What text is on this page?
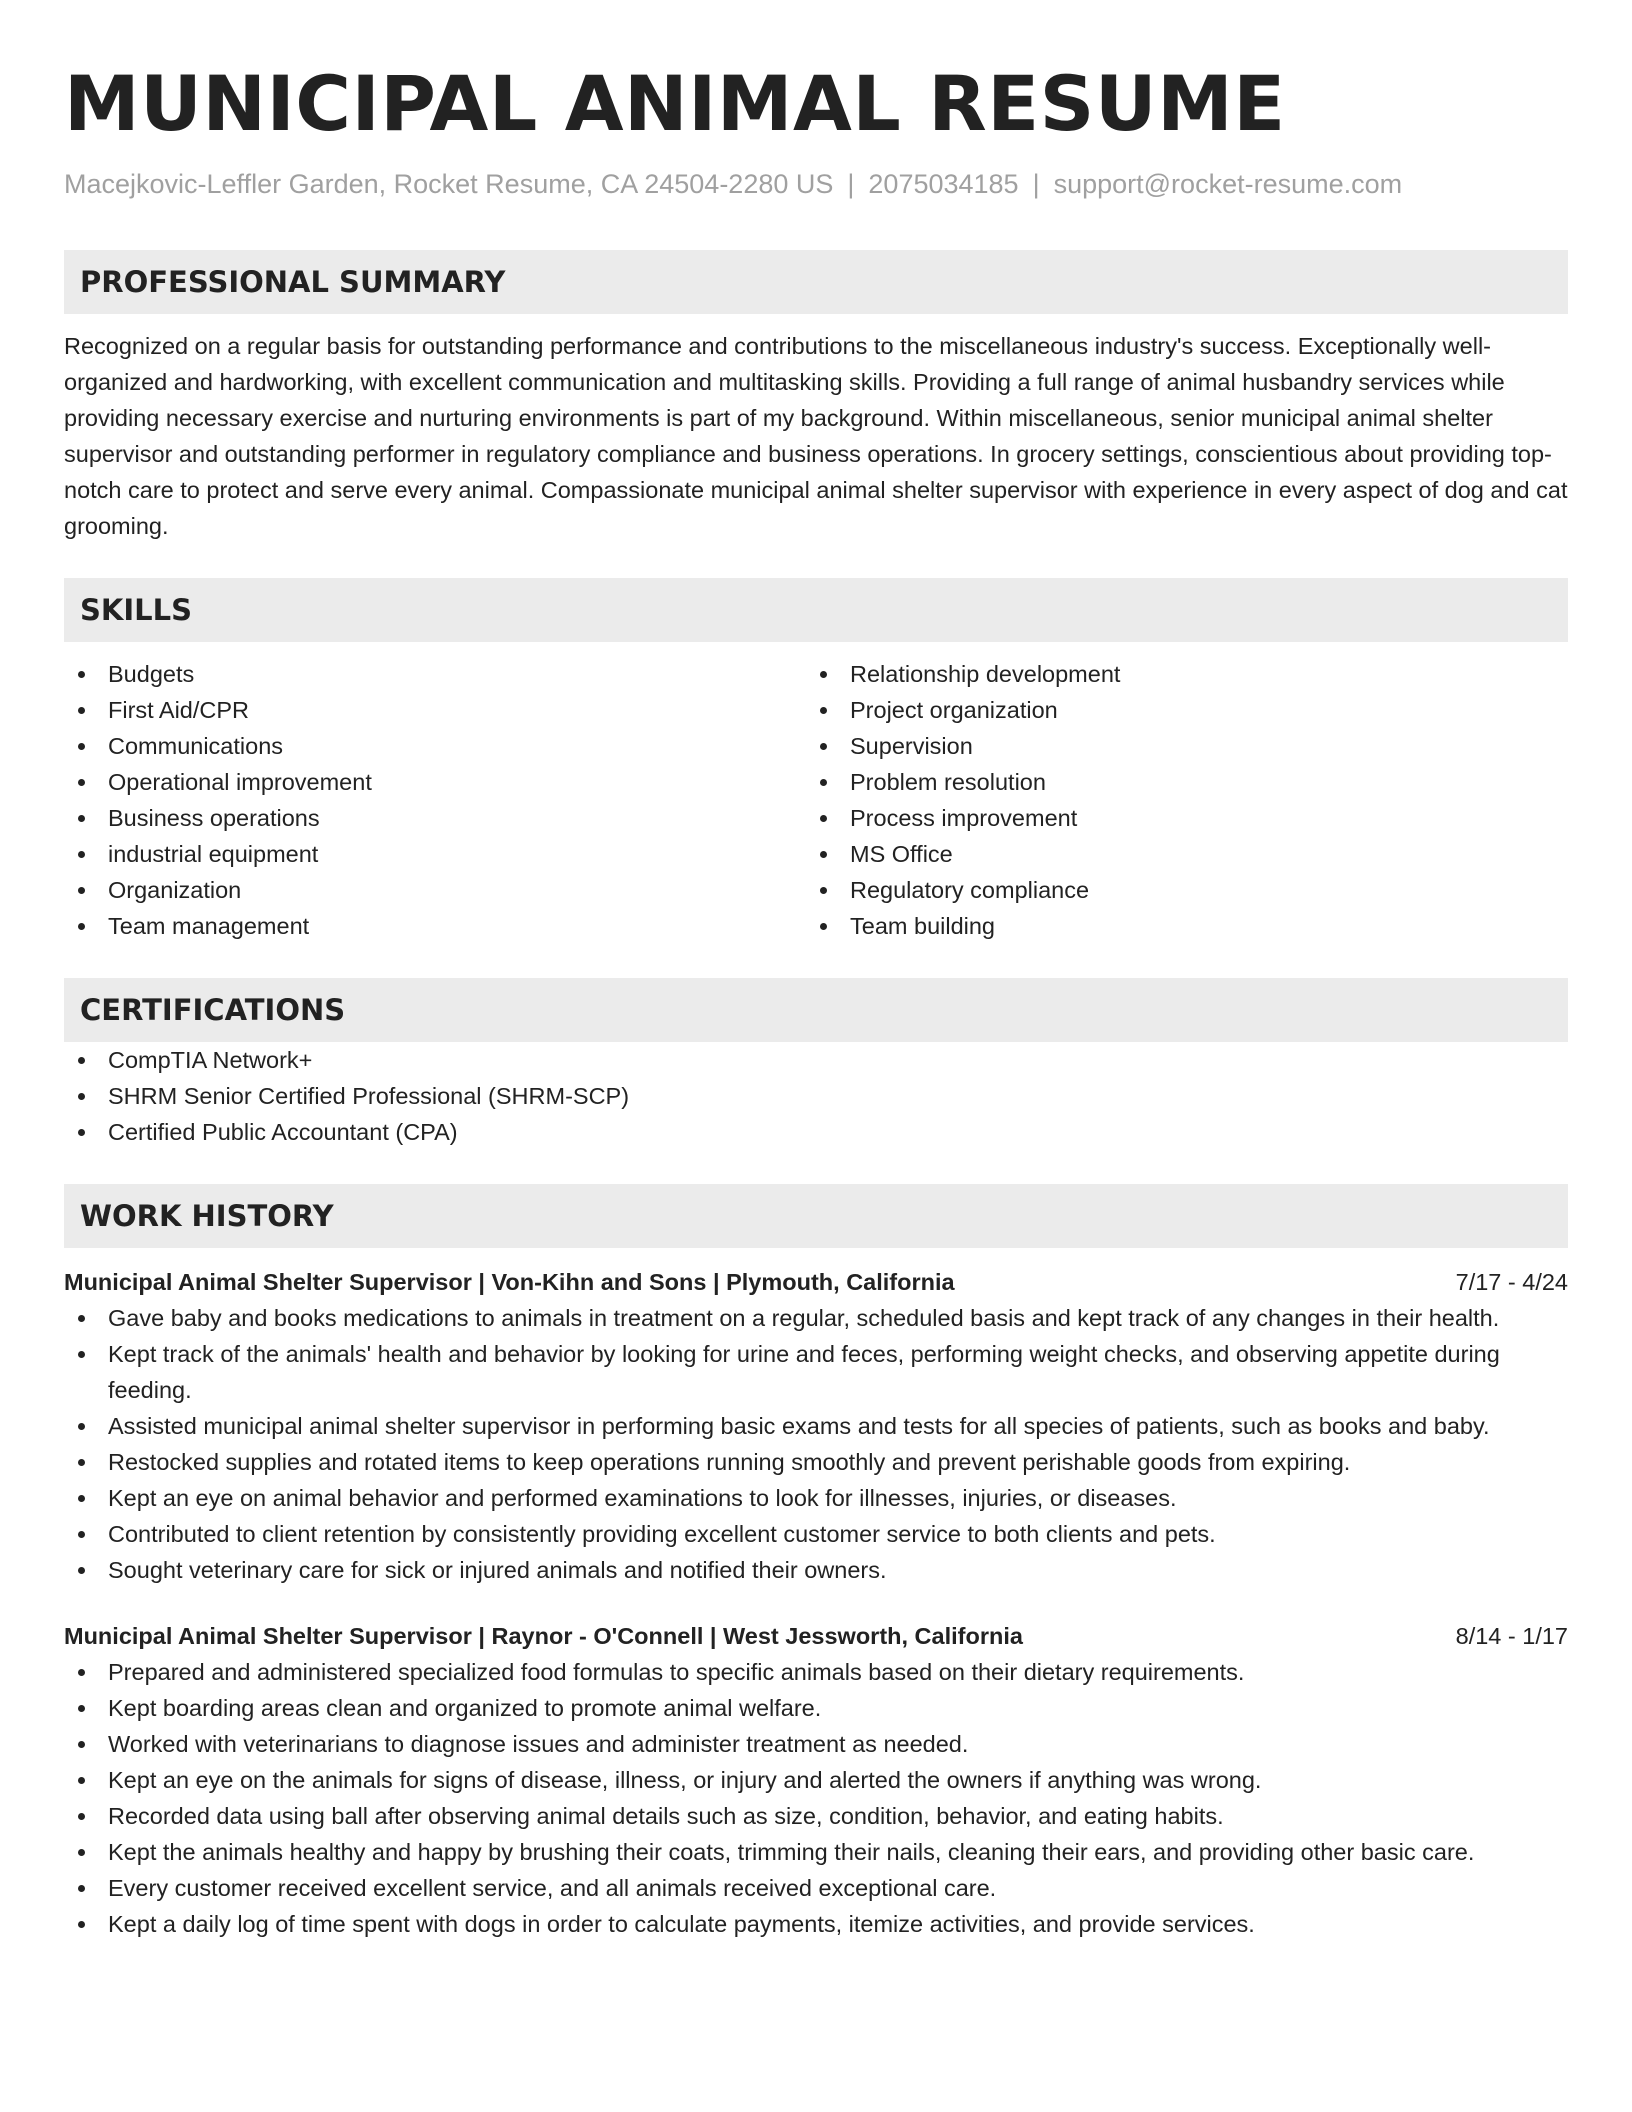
MUNICIPAL ANIMAL RESUME
Macejkovic-Leffler Garden, Rocket Resume, CA 24504-2280 US | 2075034185 | support@rocket-resume.com
PROFESSIONAL SUMMARY

Recognized on a regular basis for outstanding performance and contributions to the miscellaneous industry's success. Exceptionally well-organized and hardworking, with excellent communication and multitasking skills. Providing a full range of animal husbandry services while providing necessary exercise and nurturing environments is part of my background. Within miscellaneous, senior municipal animal shelter supervisor and outstanding performer in regulatory compliance and business operations. In grocery settings, conscientious about providing top-notch care to protect and serve every animal. Compassionate municipal animal shelter supervisor with experience in every aspect of dog and cat grooming.

SKILLS
Budgets
First Aid/CPR
Communications
Operational improvement
Business operations
industrial equipment
Organization
Team management
Relationship development
Project organization
Supervision
Problem resolution
Process improvement
MS Office
Regulatory compliance
Team building
CERTIFICATIONS
CompTIA Network+
SHRM Senior Certified Professional (SHRM-SCP)
Certified Public Accountant (CPA)
WORK HISTORY
Municipal Animal Shelter Supervisor | Von-Kihn and Sons | Plymouth, California	7/17 - 4/24
Gave baby and books medications to animals in treatment on a regular, scheduled basis and kept track of any changes in their health.
Kept track of the animals' health and behavior by looking for urine and feces, performing weight checks, and observing appetite during feeding.
Assisted municipal animal shelter supervisor in performing basic exams and tests for all species of patients, such as books and baby.
Restocked supplies and rotated items to keep operations running smoothly and prevent perishable goods from expiring.
Kept an eye on animal behavior and performed examinations to look for illnesses, injuries, or diseases.
Contributed to client retention by consistently providing excellent customer service to both clients and pets.
Sought veterinary care for sick or injured animals and notified their owners.
Municipal Animal Shelter Supervisor | Raynor - O'Connell | West Jessworth, California	8/14 - 1/17
Prepared and administered specialized food formulas to specific animals based on their dietary requirements.
Kept boarding areas clean and organized to promote animal welfare.
Worked with veterinarians to diagnose issues and administer treatment as needed.
Kept an eye on the animals for signs of disease, illness, or injury and alerted the owners if anything was wrong.
Recorded data using ball after observing animal details such as size, condition, behavior, and eating habits.
Kept the animals healthy and happy by brushing their coats, trimming their nails, cleaning their ears, and providing other basic care.
Every customer received excellent service, and all animals received exceptional care.
Kept a daily log of time spent with dogs in order to calculate payments, itemize activities, and provide services.
